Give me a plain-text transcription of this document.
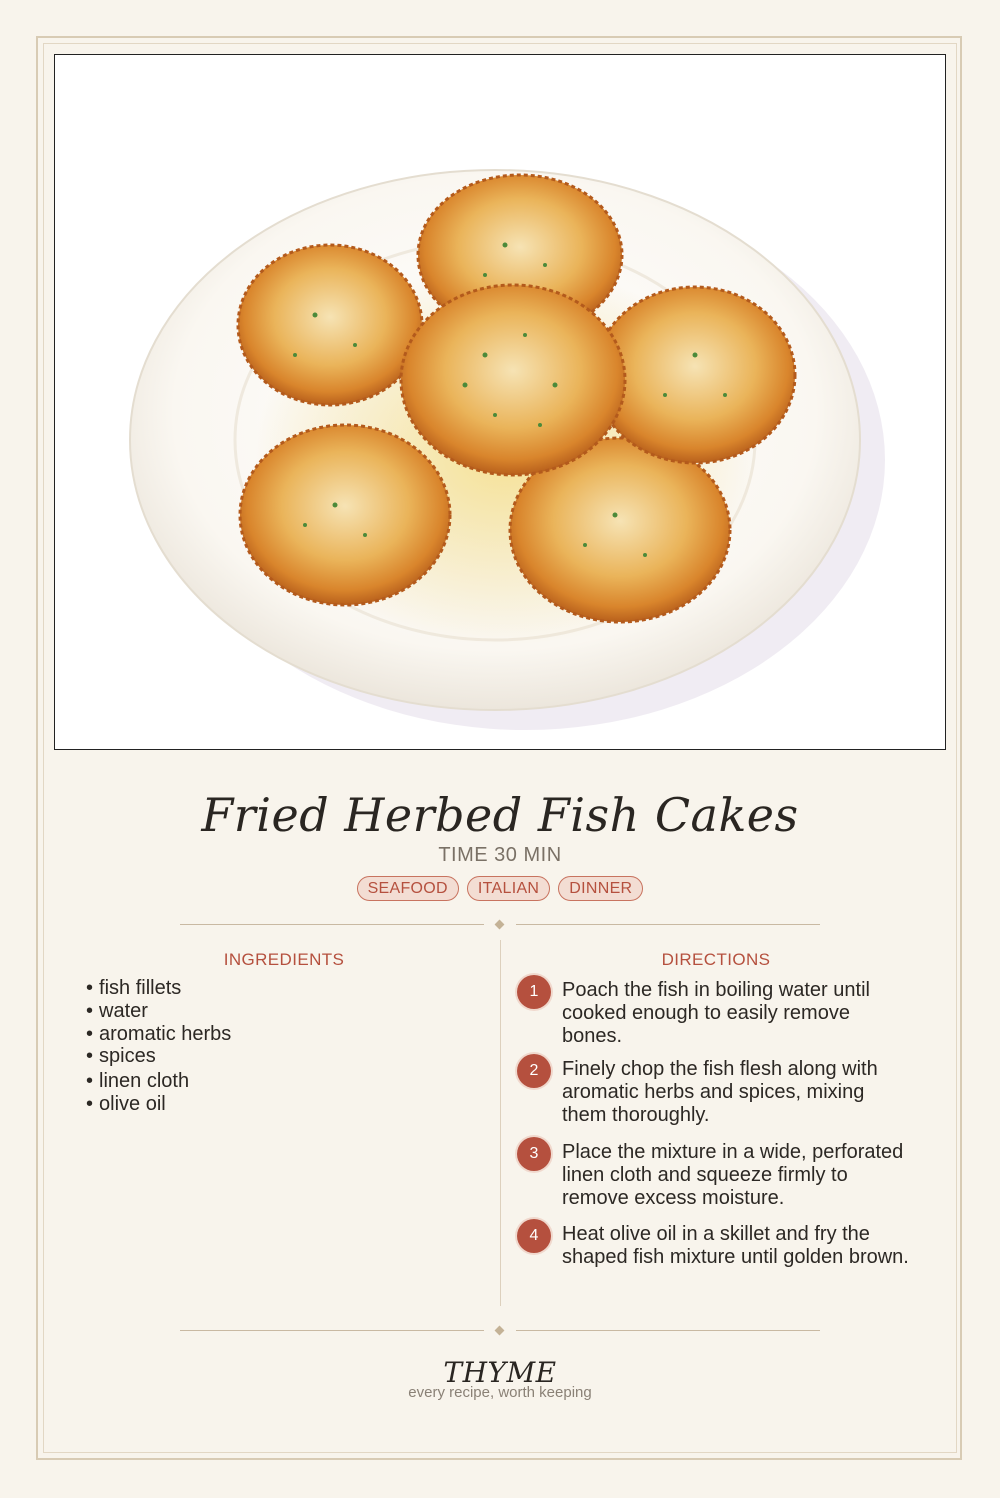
Fried Herbed Fish Cakes
TIME 30 MIN
SEAFOOD	ITALIAN	DINNER
INGREDIENTS
• fish fillets
• water
• aromatic herbs
• spices
• linen cloth
• olive oil
DIRECTIONS
1	Poach the fish in boiling water until cooked enough to easily remove bones.
2	Finely chop the fish flesh along with aromatic herbs and spices, mixing them thoroughly.
3	Place the mixture in a wide, perforated linen cloth and squeeze firmly to remove excess moisture.
4	Heat olive oil in a skillet and fry the shaped fish mixture until golden brown.
THYME
every recipe, worth keeping
